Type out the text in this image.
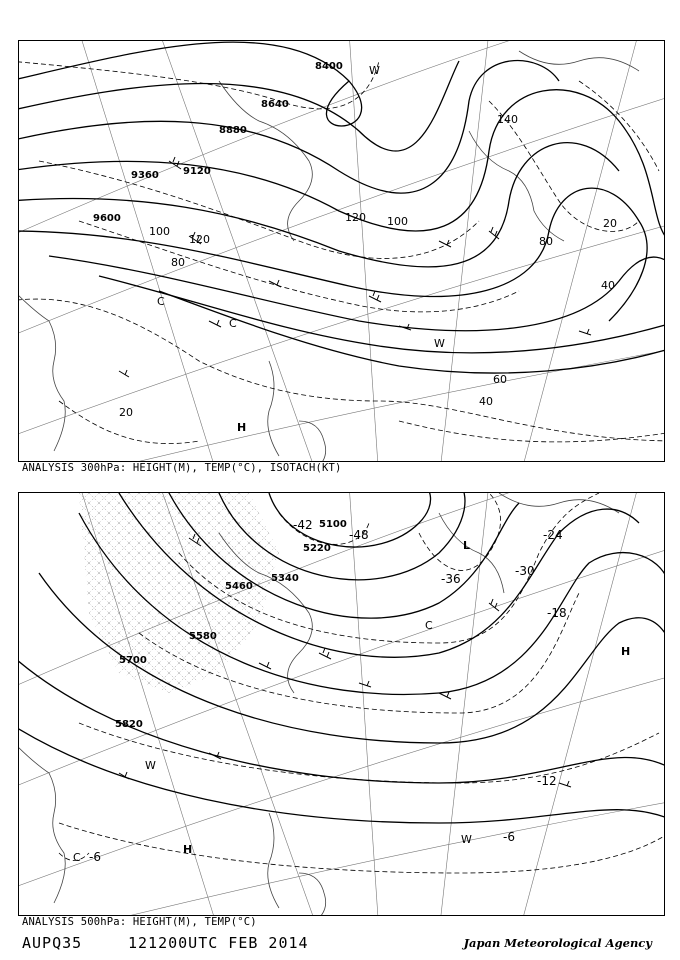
8400
8640
8880
9120
9360
9600
20
20
40
40
60
80
80
100
100
120
120
140
H
C
C
W
W
ANALYSIS 300hPa: HEIGHT(M), TEMP(°C), ISOTACH(KT)
5100
5220
5340
5460
5580
5700
5820
-42
-48
-36
-30
-24
-18
-12
-6
-6
H
H
L
C
C
W
W
ANALYSIS 500hPa: HEIGHT(M), TEMP(°C)
AUPQ35	121200UTC FEB 2014	Japan Meteorological Agency
